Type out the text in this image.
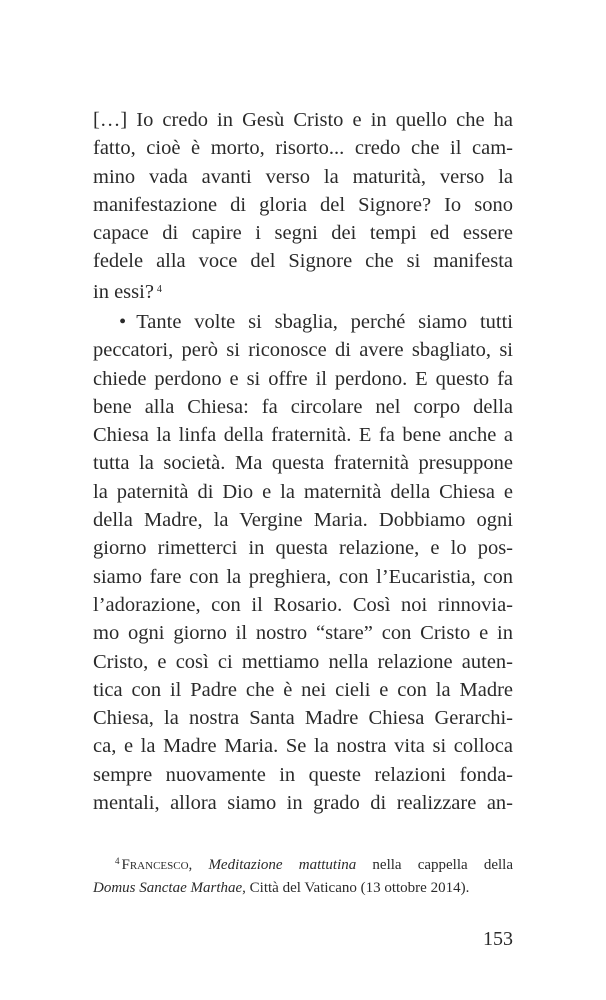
[…] Io credo in Gesù Cristo e in quello che ha
fatto, cioè è morto, risorto... credo che il cam-
mino vada avanti verso la maturità, verso la
manifestazione di gloria del Signore? Io sono
capace di capire i segni dei tempi ed essere
fedele alla voce del Signore che si manifesta
in essi? $^4$
• Tante volte si sbaglia, perché siamo tutti
peccatori, però si riconosce di avere sbagliato, si
chiede perdono e si offre il perdono. E questo fa
bene alla Chiesa: fa circolare nel corpo della
Chiesa la linfa della fraternità. E fa bene anche a
tutta la società. Ma questa fraternità presuppone
la paternità di Dio e la maternità della Chiesa e
della Madre, la Vergine Maria. Dobbiamo ogni
giorno rimetterci in questa relazione, e lo pos-
siamo fare con la preghiera, con l’Eucaristia, con
l’adorazione, con il Rosario. Così noi rinnovia-
mo ogni giorno il nostro “stare” con Cristo e in
Cristo, e così ci mettiamo nella relazione auten-
tica con il Padre che è nei cieli e con la Madre
Chiesa, la nostra Santa Madre Chiesa Gerarchi-
ca, e la Madre Maria. Se la nostra vita si colloca
sempre nuovamente in queste relazioni fonda-
mentali, allora siamo in grado di realizzare an-
$^4$ Francesco, Meditazione mattutina nella cappella della
Domus Sanctae Marthae, Città del Vaticano (13 ottobre 2014).
153
